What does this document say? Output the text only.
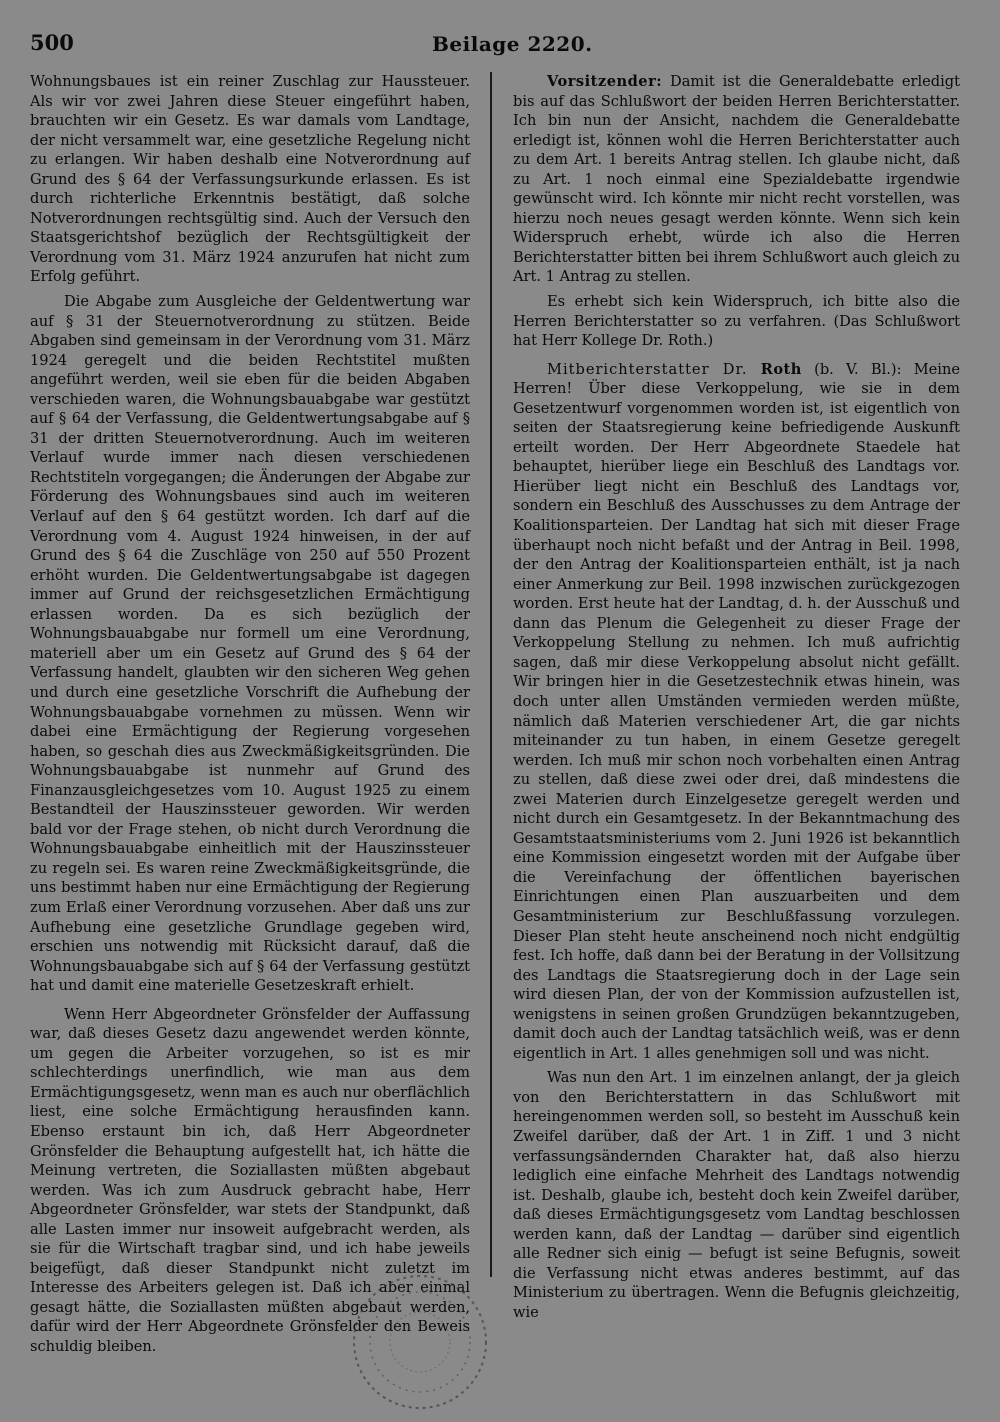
500	Beilage 2220.

Wohnungsbaues ist ein reiner Zuschlag zur Haussteuer. Als wir vor zwei Jahren diese Steuer eingeführt haben, brauchten wir ein Gesetz. Es war damals vom Landtage, der nicht versammelt war, eine gesetzliche Regelung nicht zu erlangen. Wir haben deshalb eine Notverordnung auf Grund des § 64 der Verfassungsurkunde erlassen. Es ist durch richterliche Erkenntnis bestätigt, daß solche Notverordnungen rechtsgültig sind. Auch der Versuch den Staatsgerichtshof bezüglich der Rechtsgültigkeit der Verordnung vom 31. März 1924 anzurufen hat nicht zum Erfolg geführt.

Die Abgabe zum Ausgleiche der Geldentwertung war auf § 31 der Steuernotverordnung zu stützen. Beide Abgaben sind gemeinsam in der Verordnung vom 31. März 1924 geregelt und die beiden Rechtstitel mußten angeführt werden, weil sie eben für die beiden Abgaben verschieden waren, die Wohnungsbauabgabe war gestützt auf § 64 der Verfassung, die Geldentwertungsabgabe auf § 31 der dritten Steuernotverordnung. Auch im weiteren Verlauf wurde immer nach diesen verschiedenen Rechtstiteln vorgegangen; die Änderungen der Abgabe zur Förderung des Wohnungsbaues sind auch im weiteren Verlauf auf den § 64 gestützt worden. Ich darf auf die Verordnung vom 4. August 1924 hinweisen, in der auf Grund des § 64 die Zuschläge von 250 auf 550 Prozent erhöht wurden. Die Geldentwertungsabgabe ist dagegen immer auf Grund der reichsgesetzlichen Ermächtigung erlassen worden. Da es sich bezüglich der Wohnungsbauabgabe nur formell um eine Verordnung, materiell aber um ein Gesetz auf Grund des § 64 der Verfassung handelt, glaubten wir den sicheren Weg gehen und durch eine gesetzliche Vorschrift die Aufhebung der Wohnungsbauabgabe vornehmen zu müssen. Wenn wir dabei eine Ermächtigung der Regierung vorgesehen haben, so geschah dies aus Zweckmäßigkeitsgründen. Die Wohnungsbauabgabe ist nunmehr auf Grund des Finanzausgleichgesetzes vom 10. August 1925 zu einem Bestandteil der Hauszinssteuer geworden. Wir werden bald vor der Frage stehen, ob nicht durch Verordnung die Wohnungsbauabgabe einheitlich mit der Hauszinssteuer zu regeln sei. Es waren reine Zweckmäßigkeitsgründe, die uns bestimmt haben nur eine Ermächtigung der Regierung zum Erlaß einer Verordnung vorzusehen. Aber daß uns zur Aufhebung eine gesetzliche Grundlage gegeben wird, erschien uns notwendig mit Rücksicht darauf, daß die Wohnungsbauabgabe sich auf § 64 der Verfassung gestützt hat und damit eine materielle Gesetzeskraft erhielt.

Wenn Herr Abgeordneter Grönsfelder der Auffassung war, daß dieses Gesetz dazu angewendet werden könnte, um gegen die Arbeiter vorzugehen, so ist es mir schlechterdings unerfindlich, wie man aus dem Ermächtigungsgesetz, wenn man es auch nur oberflächlich liest, eine solche Ermächtigung herausfinden kann. Ebenso erstaunt bin ich, daß Herr Abgeordneter Grönsfelder die Behauptung aufgestellt hat, ich hätte die Meinung vertreten, die Soziallasten müßten abgebaut werden. Was ich zum Ausdruck gebracht habe, Herr Abgeordneter Grönsfelder, war stets der Standpunkt, daß alle Lasten immer nur insoweit aufgebracht werden, als sie für die Wirtschaft tragbar sind, und ich habe jeweils beigefügt, daß dieser Standpunkt nicht zuletzt im Interesse des Arbeiters gelegen ist. Daß ich aber einmal gesagt hätte, die Soziallasten müßten abgebaut werden, dafür wird der Herr Abgeordnete Grönsfelder den Beweis schuldig bleiben.

Vorsitzender: Damit ist die Generaldebatte erledigt bis auf das Schlußwort der beiden Herren Berichterstatter. Ich bin nun der Ansicht, nachdem die Generaldebatte erledigt ist, können wohl die Herren Berichterstatter auch zu dem Art. 1 bereits Antrag stellen. Ich glaube nicht, daß zu Art. 1 noch einmal eine Spezialdebatte irgendwie gewünscht wird. Ich könnte mir nicht recht vorstellen, was hierzu noch neues gesagt werden könnte. Wenn sich kein Widerspruch erhebt, würde ich also die Herren Berichterstatter bitten bei ihrem Schlußwort auch gleich zu Art. 1 Antrag zu stellen.

Es erhebt sich kein Widerspruch, ich bitte also die Herren Berichterstatter so zu verfahren. (Das Schlußwort hat Herr Kollege Dr. Roth.)

Mitberichterstatter Dr. Roth (b. V. Bl.): Meine Herren! Über diese Verkoppelung, wie sie in dem Gesetzentwurf vorgenommen worden ist, ist eigentlich von seiten der Staatsregierung keine befriedigende Auskunft erteilt worden. Der Herr Abgeordnete Staedele hat behauptet, hierüber liege ein Beschluß des Landtags vor. Hierüber liegt nicht ein Beschluß des Landtags vor, sondern ein Beschluß des Ausschusses zu dem Antrage der Koalitionsparteien. Der Landtag hat sich mit dieser Frage überhaupt noch nicht befaßt und der Antrag in Beil. 1998, der den Antrag der Koalitionsparteien enthält, ist ja nach einer Anmerkung zur Beil. 1998 inzwischen zurückgezogen worden. Erst heute hat der Landtag, d. h. der Ausschuß und dann das Plenum die Gelegenheit zu dieser Frage der Verkoppelung Stellung zu nehmen. Ich muß aufrichtig sagen, daß mir diese Verkoppelung absolut nicht gefällt. Wir bringen hier in die Gesetzestechnik etwas hinein, was doch unter allen Umständen vermieden werden müßte, nämlich daß Materien verschiedener Art, die gar nichts miteinander zu tun haben, in einem Gesetze geregelt werden. Ich muß mir schon noch vorbehalten einen Antrag zu stellen, daß diese zwei oder drei, daß mindestens die zwei Materien durch Einzelgesetze geregelt werden und nicht durch ein Gesamtgesetz. In der Bekanntmachung des Gesamtstaatsministeriums vom 2. Juni 1926 ist bekanntlich eine Kommission eingesetzt worden mit der Aufgabe über die Vereinfachung der öffentlichen bayerischen Einrichtungen einen Plan auszuarbeiten und dem Gesamtministerium zur Beschlußfassung vorzulegen. Dieser Plan steht heute anscheinend noch nicht endgültig fest. Ich hoffe, daß dann bei der Beratung in der Vollsitzung des Landtags die Staatsregierung doch in der Lage sein wird diesen Plan, der von der Kommission aufzustellen ist, wenigstens in seinen großen Grundzügen bekanntzugeben, damit doch auch der Landtag tatsächlich weiß, was er denn eigentlich in Art. 1 alles genehmigen soll und was nicht.

Was nun den Art. 1 im einzelnen anlangt, der ja gleich von den Berichterstattern in das Schlußwort mit hereingenommen werden soll, so besteht im Ausschuß kein Zweifel darüber, daß der Art. 1 in Ziff. 1 und 3 nicht verfassungsändernden Charakter hat, daß also hierzu lediglich eine einfache Mehrheit des Landtags notwendig ist. Deshalb, glaube ich, besteht doch kein Zweifel darüber, daß dieses Ermächtigungsgesetz vom Landtag beschlossen werden kann, daß der Landtag — darüber sind eigentlich alle Redner sich einig — befugt ist seine Befugnis, soweit die Verfassung nicht etwas anderes bestimmt, auf das Ministerium zu übertragen. Wenn die Befugnis gleichzeitig, wie
